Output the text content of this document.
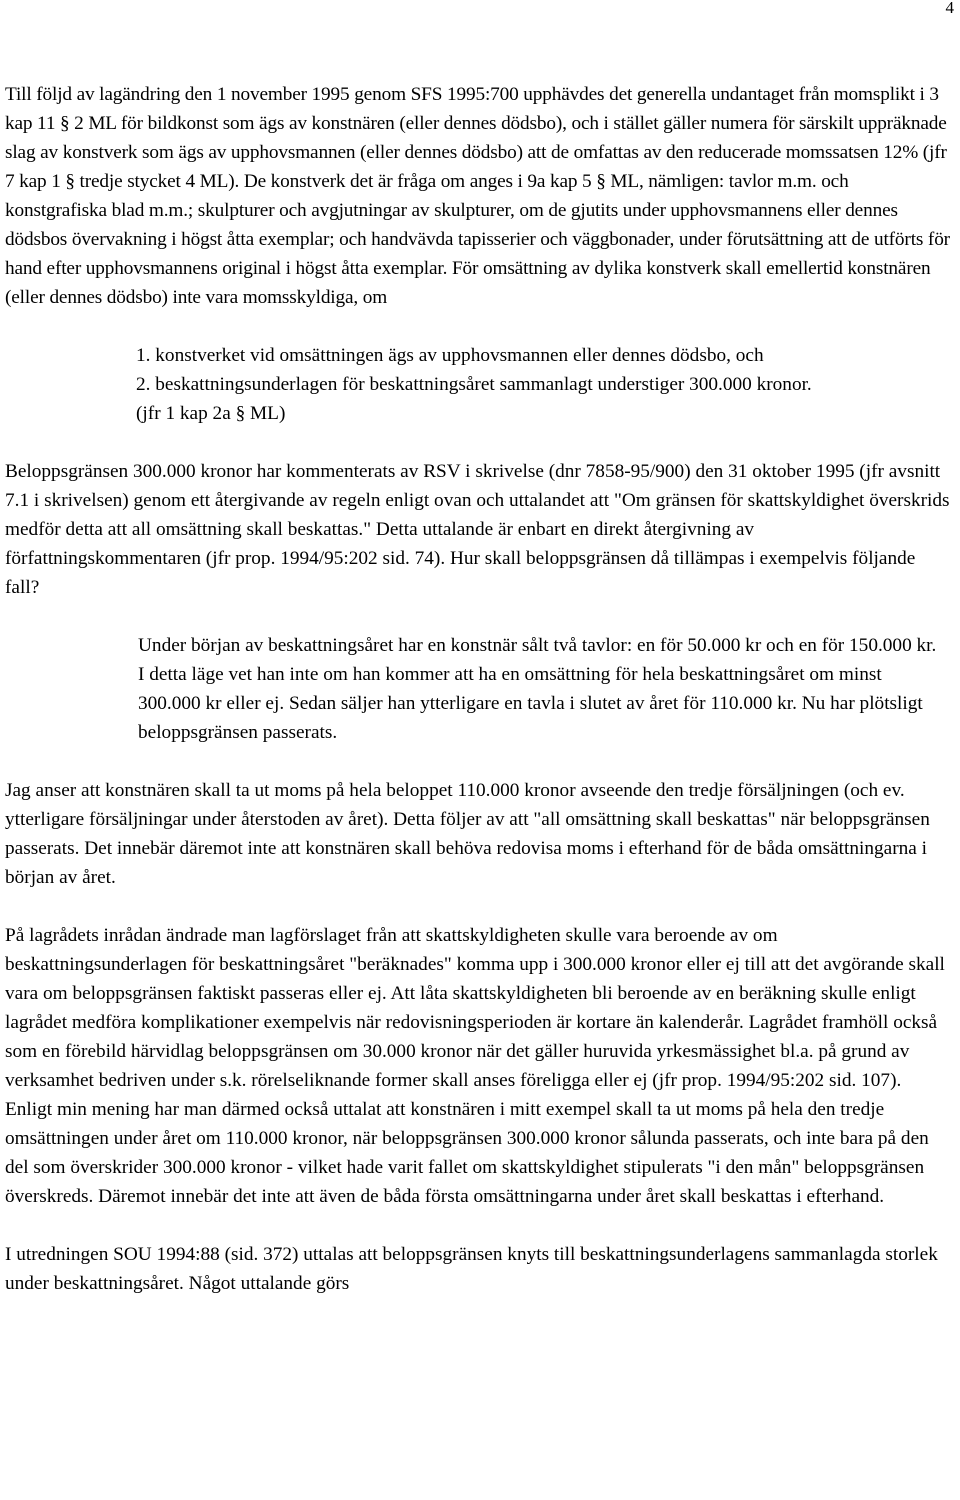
4

Till följd av lagändring den 1 november 1995 genom SFS 1995:700 upphävdes det generella undantaget från momsplikt i 3 kap 11 § 2 ML för bildkonst som ägs av konstnären (eller dennes dödsbo), och i stället gäller numera för särskilt uppräknade slag av konstverk som ägs av upphovsmannen (eller dennes dödsbo) att de omfattas av den reducerade momssatsen 12% (jfr 7 kap 1 § tredje stycket 4 ML). De konstverk det är fråga om anges i 9a kap 5 § ML, nämligen: tavlor m.m. och konstgrafiska blad m.m.; skulpturer och avgjutningar av skulpturer, om de gjutits under upphovsmannens eller dennes dödsbos övervakning i högst åtta exemplar; och handvävda tapisserier och väggbonader, under förutsättning att de utförts för hand efter upphovsmannens original i högst åtta exemplar. För omsättning av dylika konstverk skall emellertid konstnären (eller dennes dödsbo) inte vara momsskyldiga, om

1. konstverket vid omsättningen ägs av upphovsmannen eller dennes dödsbo, och

2. beskattningsunderlagen för beskattningsåret sammanlagt understiger 300.000 kronor.

(jfr 1 kap 2a § ML)

Beloppsgränsen 300.000 kronor har kommenterats av RSV i skrivelse (dnr 7858-95/900) den 31 oktober 1995 (jfr avsnitt 7.1 i skrivelsen) genom ett återgivande av regeln enligt ovan och uttalandet att "Om gränsen för skattskyldighet överskrids medför detta att all omsättning skall beskattas." Detta uttalande är enbart en direkt återgivning av författningskommentaren (jfr prop. 1994/95:202 sid. 74). Hur skall beloppsgränsen då tillämpas i exempelvis följande fall?

Under början av beskattningsåret har en konstnär sålt två tavlor: en för 50.000 kr och en för 150.000 kr. I detta läge vet han inte om han kommer att ha en omsättning för hela beskattningsåret om minst 300.000 kr eller ej. Sedan säljer han ytterligare en tavla i slutet av året för 110.000 kr. Nu har plötsligt beloppsgränsen passerats.

Jag anser att konstnären skall ta ut moms på hela beloppet 110.000 kronor avseende den tredje försäljningen (och ev. ytterligare försäljningar under återstoden av året). Detta följer av att "all omsättning skall beskattas" när beloppsgränsen passerats. Det innebär däremot inte att konstnären skall behöva redovisa moms i efterhand för de båda omsättningarna i början av året.

På lagrådets inrådan ändrade man lagförslaget från att skattskyldigheten skulle vara beroende av om beskattningsunderlagen för beskattningsåret "beräknades" komma upp i 300.000 kronor eller ej till att det avgörande skall vara om beloppsgränsen faktiskt passeras eller ej. Att låta skattskyldigheten bli beroende av en beräkning skulle enligt lagrådet medföra komplikationer exempelvis när redovisningsperioden är kortare än kalenderår. Lagrådet framhöll också som en förebild härvidlag beloppsgränsen om 30.000 kronor när det gäller huruvida yrkesmässighet bl.a. på grund av verksamhet bedriven under s.k. rörelseliknande former skall anses föreligga eller ej (jfr prop. 1994/95:202 sid. 107). Enligt min mening har man därmed också uttalat att konstnären i mitt exempel skall ta ut moms på hela den tredje omsättningen under året om 110.000 kronor, när beloppsgränsen 300.000 kronor sålunda passerats, och inte bara på den del som överskrider 300.000 kronor - vilket hade varit fallet om skattskyldighet stipulerats "i den mån" beloppsgränsen överskreds. Däremot innebär det inte att även de båda första omsättningarna under året skall beskattas i efterhand.

I utredningen SOU 1994:88 (sid. 372) uttalas att beloppsgränsen knyts till beskattningsunderlagens sammanlagda storlek under beskattningsåret. Något uttalande görs
